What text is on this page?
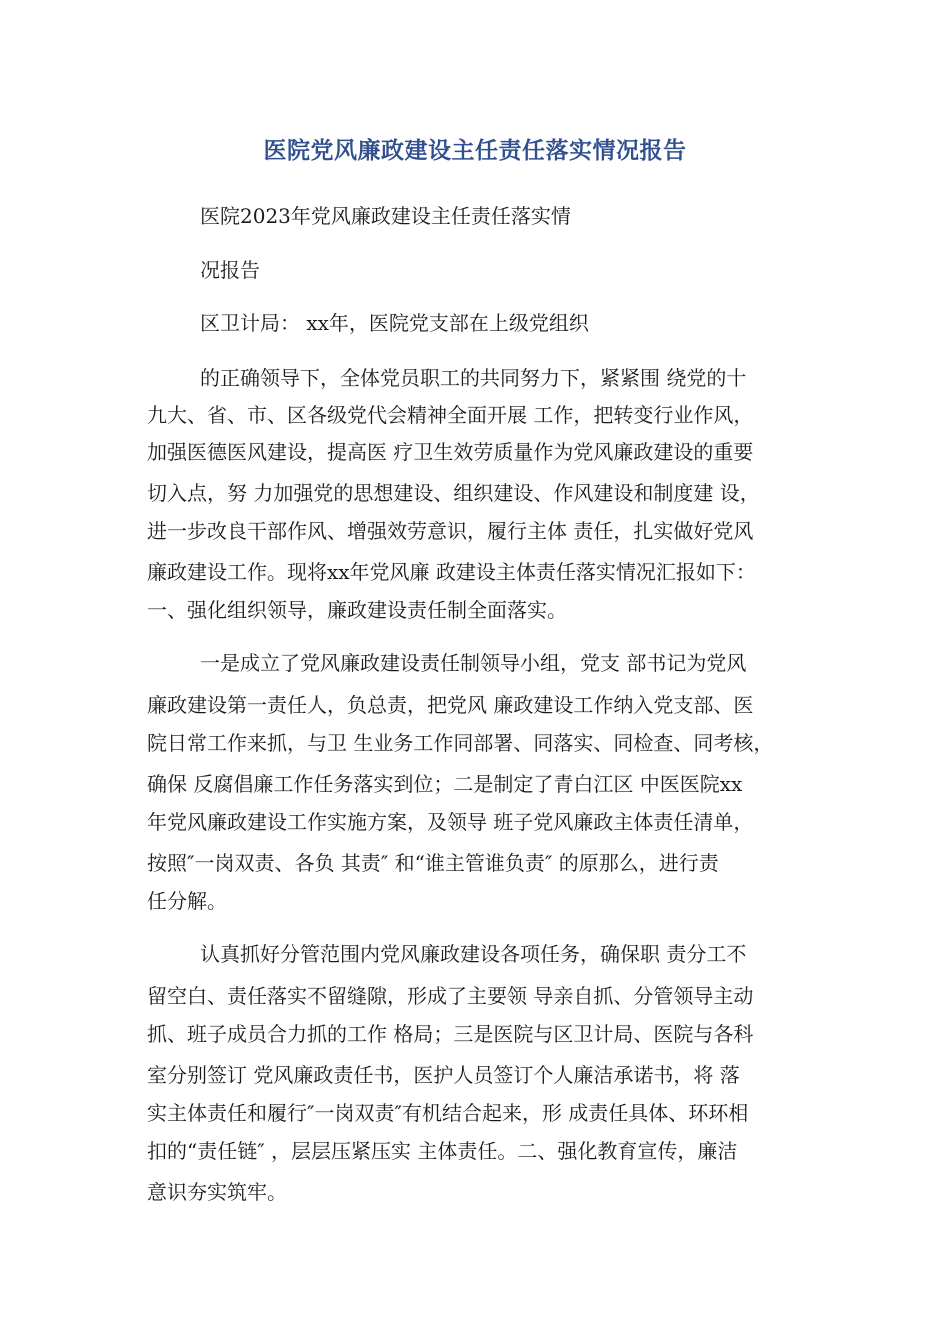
医院党风廉政建设主任责任落实情况报告
医院2023年党风廉政建设主任责任落实情
况报告
区卫计局： xx年，医院党支部在上级党组织
的正确领导下，全体党员职工的共同努力下，紧紧围 绕党的十
九大、省、市、区各级党代会精神全面开展 工作，把转变行业作风，
加强医德医风建设，提高医 疗卫生效劳质量作为党风廉政建设的重要
切入点，努 力加强党的思想建设、组织建设、作风建设和制度建 设，
进一步改良干部作风、增强效劳意识，履行主体 责任，扎实做好党风
廉政建设工作。现将xx年党风廉 政建设主体责任落实情况汇报如下：
一、强化组织领导，廉政建设责任制全面落实。
一是成立了党风廉政建设责任制领导小组，党支 部书记为党风
廉政建设第一责任人，负总责，把党风 廉政建设工作纳入党支部、医
院日常工作来抓，与卫 生业务工作同部署、同落实、同检查、同考核，
确保 反腐倡廉工作任务落实到位；二是制定了青白江区 中医医院xx
年党风廉政建设工作实施方案，及领导 班子党风廉政主体责任清单，
按照″一岗双责、各负 其责″ 和“谁主管谁负责″ 的原那么，进行责
任分解。
认真抓好分管范围内党风廉政建设各项任务，确保职 责分工不
留空白、责任落实不留缝隙，形成了主要领 导亲自抓、分管领导主动
抓、班子成员合力抓的工作 格局；三是医院与区卫计局、医院与各科
室分别签订 党风廉政责任书，医护人员签订个人廉洁承诺书，将 落
实主体责任和履行″一岗双责″有机结合起来，形 成责任具体、环环相
扣的“责任链″ ，层层压紧压实 主体责任。二、强化教育宣传，廉洁
意识夯实筑牢。
